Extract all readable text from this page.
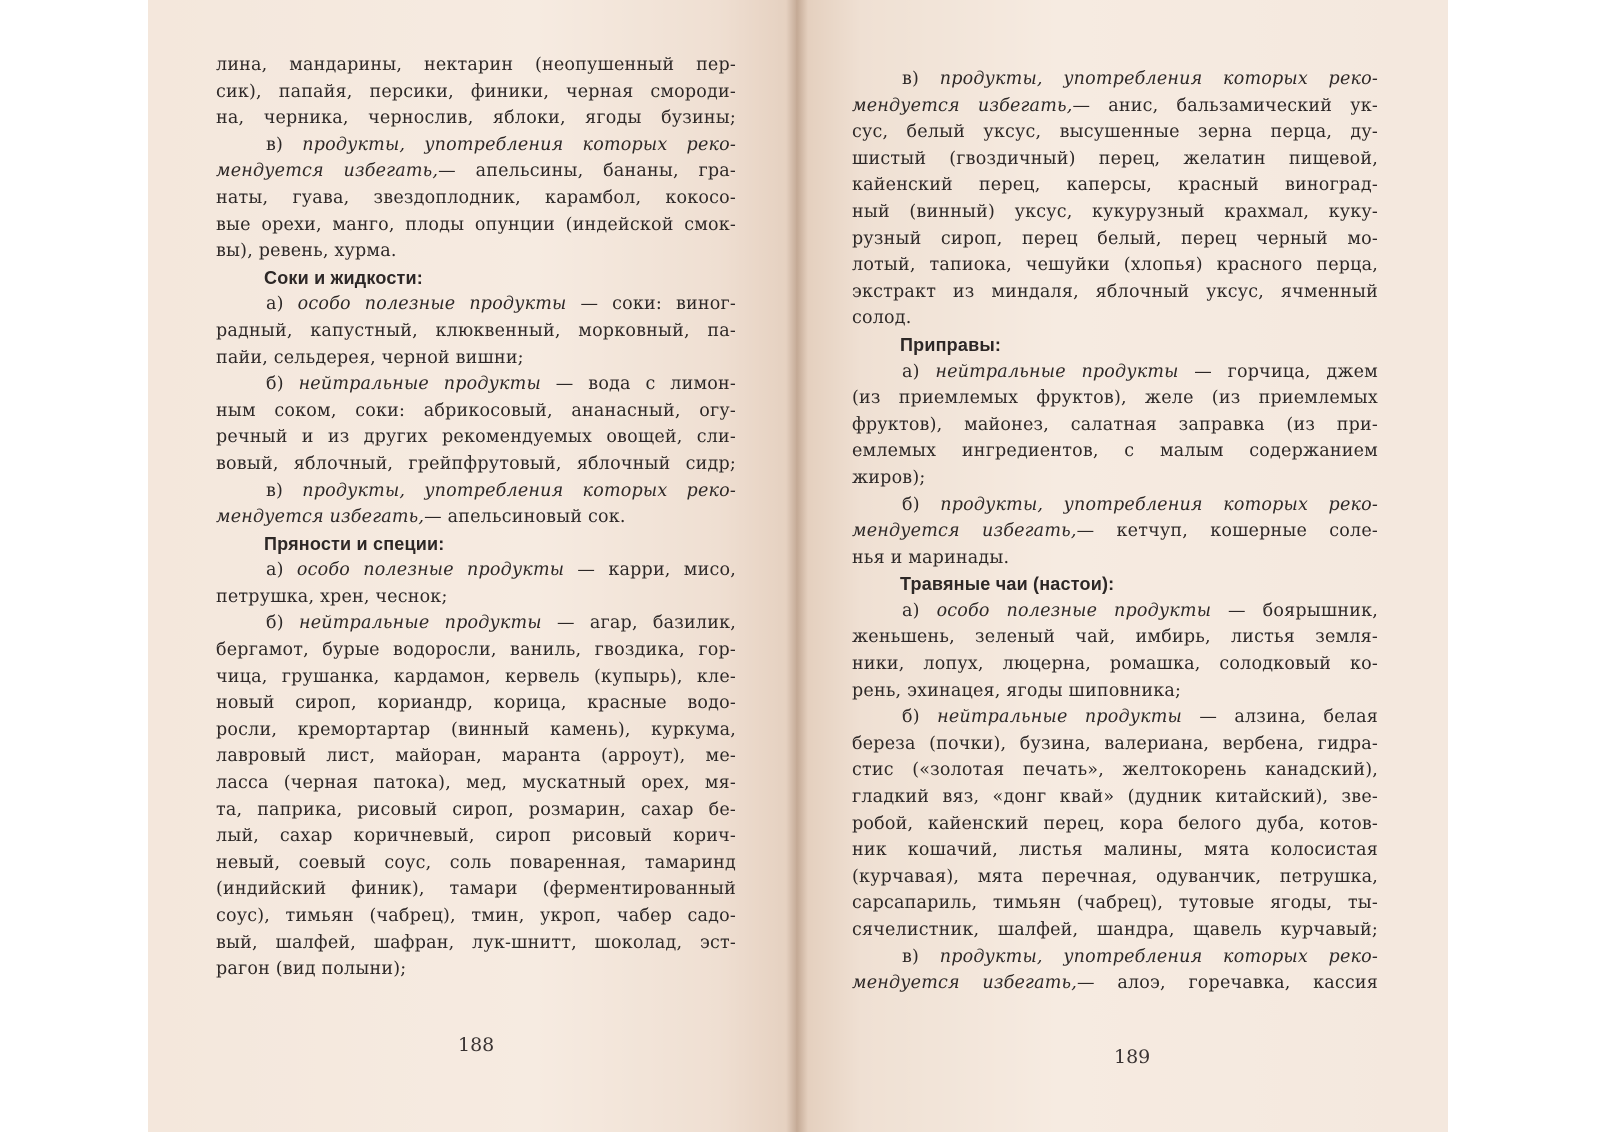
лина, мандарины, нектарин (неопушенный пер-
сик), папайя, персики, финики, черная смороди-
на, черника, чернослив, яблоки, ягоды бузины;
в) продукты, употребления которых реко-
мендуется избегать,— апельсины, бананы, гра-
наты, гуава, звездоплодник, карамбол, кокосо-
вые орехи, манго, плоды опунции (индейской смок-
вы), ревень, хурма.
Соки и жидкости:
а) особо полезные продукты — соки: виног-
радный, капустный, клюквенный, морковный, па-
пайи, сельдерея, черной вишни;
б) нейтральные продукты — вода с лимон-
ным соком, соки: абрикосовый, ананасный, огу-
речный и из других рекомендуемых овощей, сли-
вовый, яблочный, грейпфрутовый, яблочный сидр;
в) продукты, употребления которых реко-
мендуется избегать,— апельсиновый сок.
Пряности и специи:
а) особо полезные продукты — карри, мисо,
петрушка, хрен, чеснок;
б) нейтральные продукты — агар, базилик,
бергамот, бурые водоросли, ваниль, гвоздика, гор-
чица, грушанка, кардамон, кервель (купырь), кле-
новый сироп, кориандр, корица, красные водо-
росли, кремортартар (винный камень), куркума,
лавровый лист, майоран, маранта (арроут), ме-
ласса (черная патока), мед, мускатный орех, мя-
та, паприка, рисовый сироп, розмарин, сахар бе-
лый, сахар коричневый, сироп рисовый корич-
невый, соевый соус, соль поваренная, тамаринд
(индийский финик), тамари (ферментированный
соус), тимьян (чабрец), тмин, укроп, чабер садо-
вый, шалфей, шафран, лук-шнитт, шоколад, эст-
рагон (вид полыни);
188
в) продукты, употребления которых реко-
мендуется избегать,— анис, бальзамический ук-
сус, белый уксус, высушенные зерна перца, ду-
шистый (гвоздичный) перец, желатин пищевой,
кайенский перец, каперсы, красный виноград-
ный (винный) уксус, кукурузный крахмал, куку-
рузный сироп, перец белый, перец черный мо-
лотый, тапиока, чешуйки (хлопья) красного перца,
экстракт из миндаля, яблочный уксус, ячменный
солод.
Приправы:
а) нейтральные продукты — горчица, джем
(из приемлемых фруктов), желе (из приемлемых
фруктов), майонез, салатная заправка (из при-
емлемых ингредиентов, с малым содержанием
жиров);
б) продукты, употребления которых реко-
мендуется избегать,— кетчуп, кошерные соле-
нья и маринады.
Травяные чаи (настои):
а) особо полезные продукты — боярышник,
женьшень, зеленый чай, имбирь, листья земля-
ники, лопух, люцерна, ромашка, солодковый ко-
рень, эхинацея, ягоды шиповника;
б) нейтральные продукты — алзина, белая
береза (почки), бузина, валериана, вербена, гидра-
стис («золотая печать», желтокорень канадский),
гладкий вяз, «донг квай» (дудник китайский), зве-
робой, кайенский перец, кора белого дуба, котов-
ник кошачий, листья малины, мята колосистая
(курчавая), мята перечная, одуванчик, петрушка,
сарсапариль, тимьян (чабрец), тутовые ягоды, ты-
сячелистник, шалфей, шандра, щавель курчавый;
в) продукты, употребления которых реко-
мендуется избегать,— алоэ, горечавка, кассия
189
